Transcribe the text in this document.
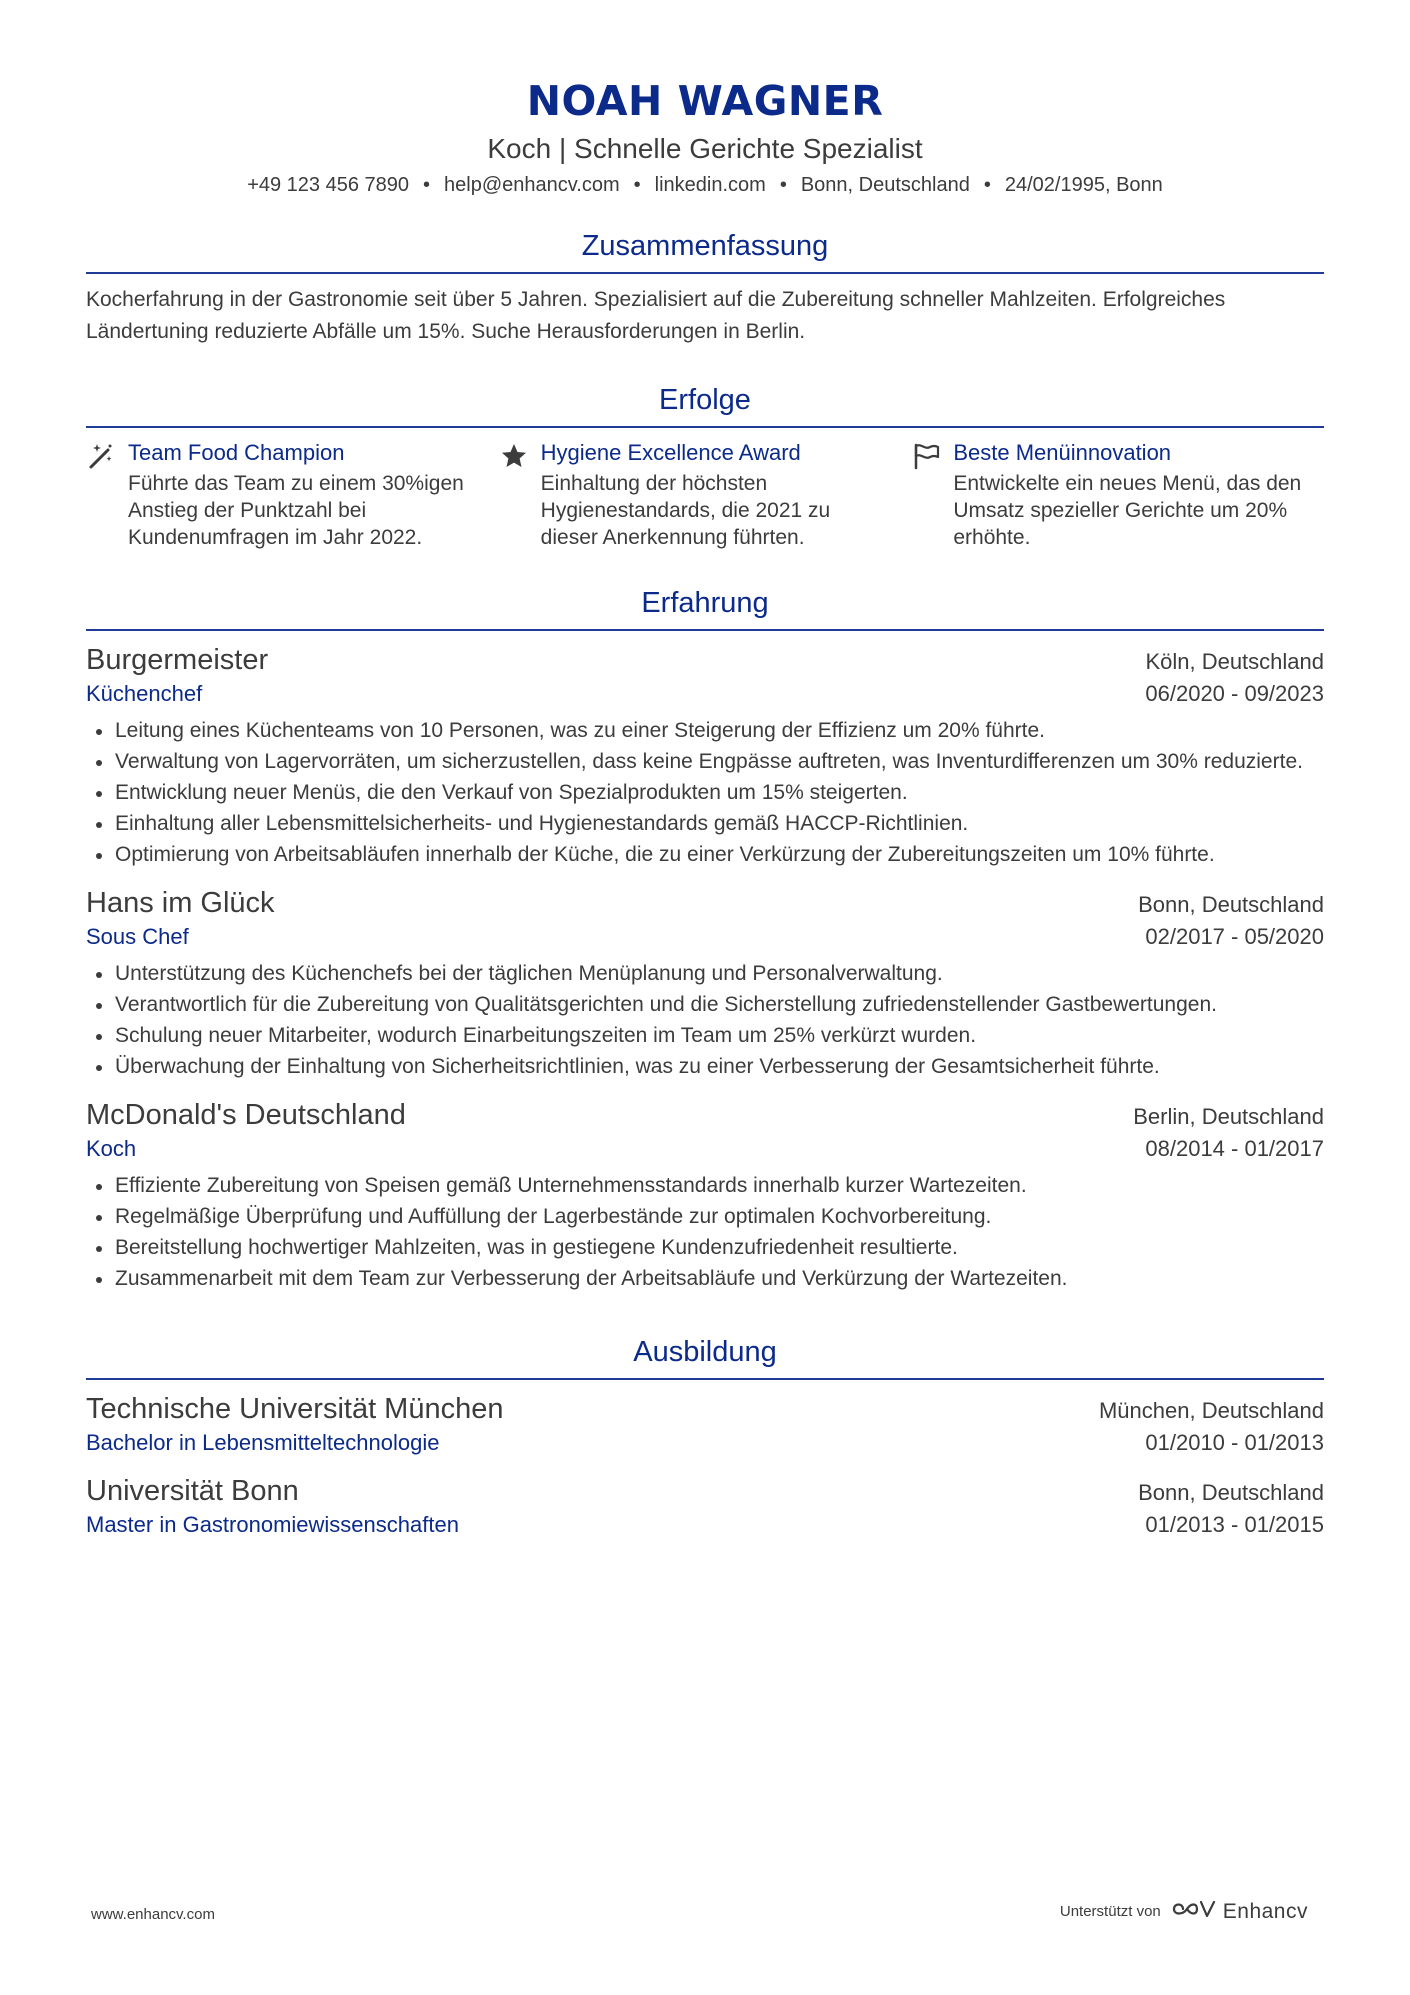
NOAH WAGNER
Koch | Schnelle Gerichte Spezialist
+49 123 456 7890 • help@enhancv.com • linkedin.com • Bonn, Deutschland • 24/02/1995, Bonn
Zusammenfassung
Kocherfahrung in der Gastronomie seit über 5 Jahren. Spezialisiert auf die Zubereitung schneller Mahlzeiten. Erfolgreiches Ländertuning reduzierte Abfälle um 15%. Suche Herausforderungen in Berlin.
Erfolge
Team Food Champion
Führte das Team zu einem 30%igen Anstieg der Punktzahl bei Kundenumfragen im Jahr 2022.
Hygiene Excellence Award
Einhaltung der höchsten Hygienestandards, die 2021 zu dieser Anerkennung führten.
Beste Menüinnovation
Entwickelte ein neues Menü, das den Umsatz spezieller Gerichte um 20% erhöhte.
Erfahrung
Burgermeister	Köln, Deutschland
Küchenchef	06/2020 - 09/2023
Leitung eines Küchenteams von 10 Personen, was zu einer Steigerung der Effizienz um 20% führte.
Verwaltung von Lagervorräten, um sicherzustellen, dass keine Engpässe auftreten, was Inventurdifferenzen um 30% reduzierte.
Entwicklung neuer Menüs, die den Verkauf von Spezialprodukten um 15% steigerten.
Einhaltung aller Lebensmittelsicherheits- und Hygienestandards gemäß HACCP-Richtlinien.
Optimierung von Arbeitsabläufen innerhalb der Küche, die zu einer Verkürzung der Zubereitungszeiten um 10% führte.
Hans im Glück	Bonn, Deutschland
Sous Chef	02/2017 - 05/2020
Unterstützung des Küchenchefs bei der täglichen Menüplanung und Personalverwaltung.
Verantwortlich für die Zubereitung von Qualitätsgerichten und die Sicherstellung zufriedenstellender Gastbewertungen.
Schulung neuer Mitarbeiter, wodurch Einarbeitungszeiten im Team um 25% verkürzt wurden.
Überwachung der Einhaltung von Sicherheitsrichtlinien, was zu einer Verbesserung der Gesamtsicherheit führte.
McDonald's Deutschland	Berlin, Deutschland
Koch	08/2014 - 01/2017
Effiziente Zubereitung von Speisen gemäß Unternehmensstandards innerhalb kurzer Wartezeiten.
Regelmäßige Überprüfung und Auffüllung der Lagerbestände zur optimalen Kochvorbereitung.
Bereitstellung hochwertiger Mahlzeiten, was in gestiegene Kundenzufriedenheit resultierte.
Zusammenarbeit mit dem Team zur Verbesserung der Arbeitsabläufe und Verkürzung der Wartezeiten.
Ausbildung
Technische Universität München	München, Deutschland
Bachelor in Lebensmitteltechnologie	01/2010 - 01/2013
Universität Bonn	Bonn, Deutschland
Master in Gastronomiewissenschaften	01/2013 - 01/2015
www.enhancv.com	Unterstützt von	Enhancv
